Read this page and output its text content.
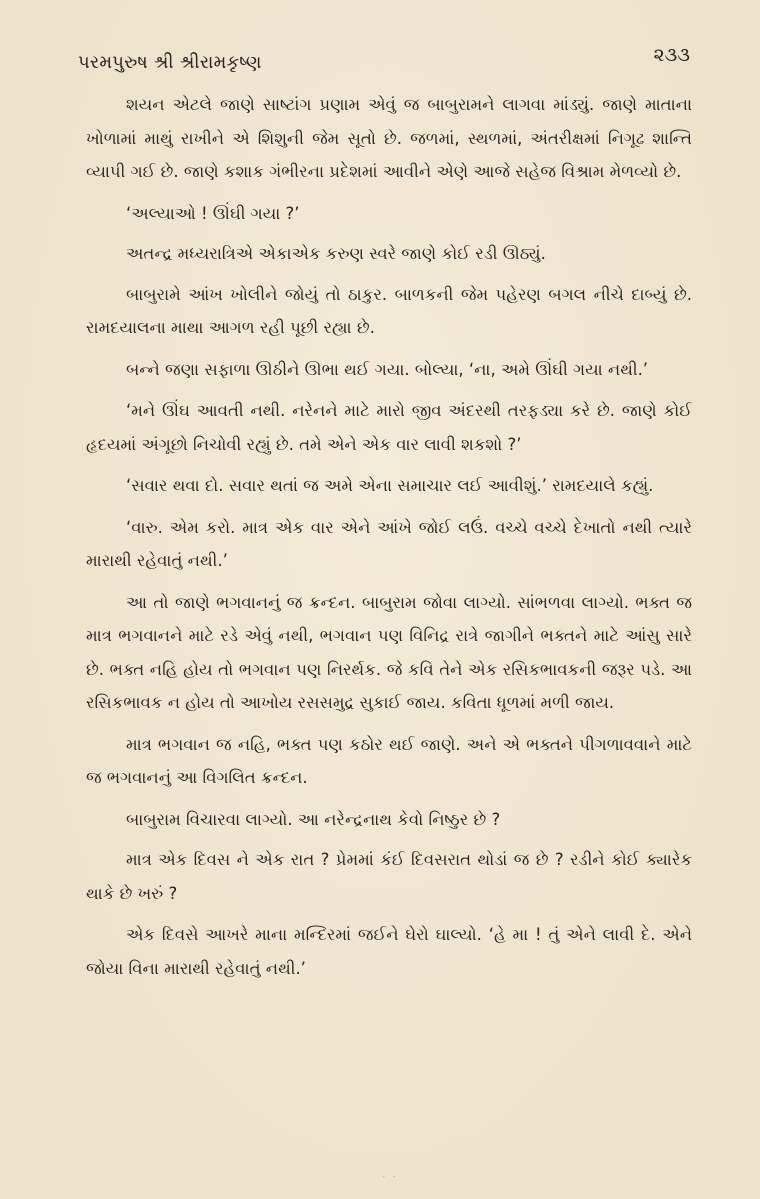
પરમપુરુષ શ્રી શ્રીરામકૃષ્ણ	૨૩૩

શયન એટલે જાણે સાષ્ટાંગ પ્રણામ એવું જ બાબુરામને લાગવા માંડ્યું. જાણે માતાના ખોળામાં માથું રાખીને એ શિશુની જેમ સૂતો છે. જળમાં, સ્થળમાં, અંતરીક્ષમાં નિગૂઢ શાન્તિ વ્યાપી ગઈ છે. જાણે કશાક ગંભીરના પ્રદેશમાં આવીને એણે આજે સહેજ વિશ્રામ મેળવ્યો છે.

‘અલ્યાઓ ! ઊંઘી ગયા ?’

અતન્દ્ર મધ્યરાત્રિએ એકાએક કરુણ સ્વરે જાણે કોઈ રડી ઊઠ્યું.

બાબુરામે આંખ ખોલીને જોયું તો ઠાકુર. બાળકની જેમ પહેરણ બગલ નીચે દાબ્યું છે. રામદયાલના માથા આગળ રહી પૂછી રહ્યા છે.

બન્ને જણા સફાળા ઊઠીને ઊભા થઈ ગયા. બોલ્યા, ‘ના, અમે ઊંઘી ગયા નથી.’

‘મને ઊંઘ આવતી નથી. નરેનને માટે મારો જીવ અંદરથી તરફડ્યા કરે છે. જાણે કોઈ હૃદયમાં અંગૂછો નિચોવી રહ્યું છે. તમે એને એક વાર લાવી શકશો ?’

‘સવાર થવા દો. સવાર થતાં જ અમે એના સમાચાર લઈ આવીશું.’ રામદયાલે કહ્યું.

‘વારુ. એમ કરો. માત્ર એક વાર એને આંખે જોઈ લઉં. વચ્ચે વચ્ચે દેખાતો નથી ત્યારે મારાથી રહેવાતું નથી.’

આ તો જાણે ભગવાનનું જ ક્રન્દન. બાબુરામ જોવા લાગ્યો. સાંભળવા લાગ્યો. ભક્ત જ માત્ર ભગવાનને માટે રડે એવું નથી, ભગવાન પણ વિનિદ્ર રાત્રે જાગીને ભક્તને માટે આંસુ સારે છે. ભક્ત નહિ હોય તો ભગવાન પણ નિરર્થક. જે કવિ તેને એક રસિકભાવકની જરૂર પડે. આ રસિકભાવક ન હોય તો આખોય રસસમુદ્ર સુકાઈ જાય. કવિતા ધૂળમાં મળી જાય.

માત્ર ભગવાન જ નહિ, ભક્ત પણ કઠોર થઈ જાણે. અને એ ભક્તને પીગળાવવાને માટે જ ભગવાનનું આ વિગલિત ક્રન્દન.

બાબુરામ વિચારવા લાગ્યો. આ નરેન્દ્રનાથ કેવો નિષ્ઠુર છે ?

માત્ર એક દિવસ ને એક રાત ? પ્રેમમાં કંઈ દિવસરાત થોડાં જ છે ? રડીને કોઈ ક્યારેક થાકે છે ખરું ?

એક દિવસે આખરે માના મન્દિરમાં જઈને ઘેરો ઘાલ્યો. ‘હે મા ! તું એને લાવી દે. એને જોયા વિના મારાથી રહેવાતું નથી.’

· ·
